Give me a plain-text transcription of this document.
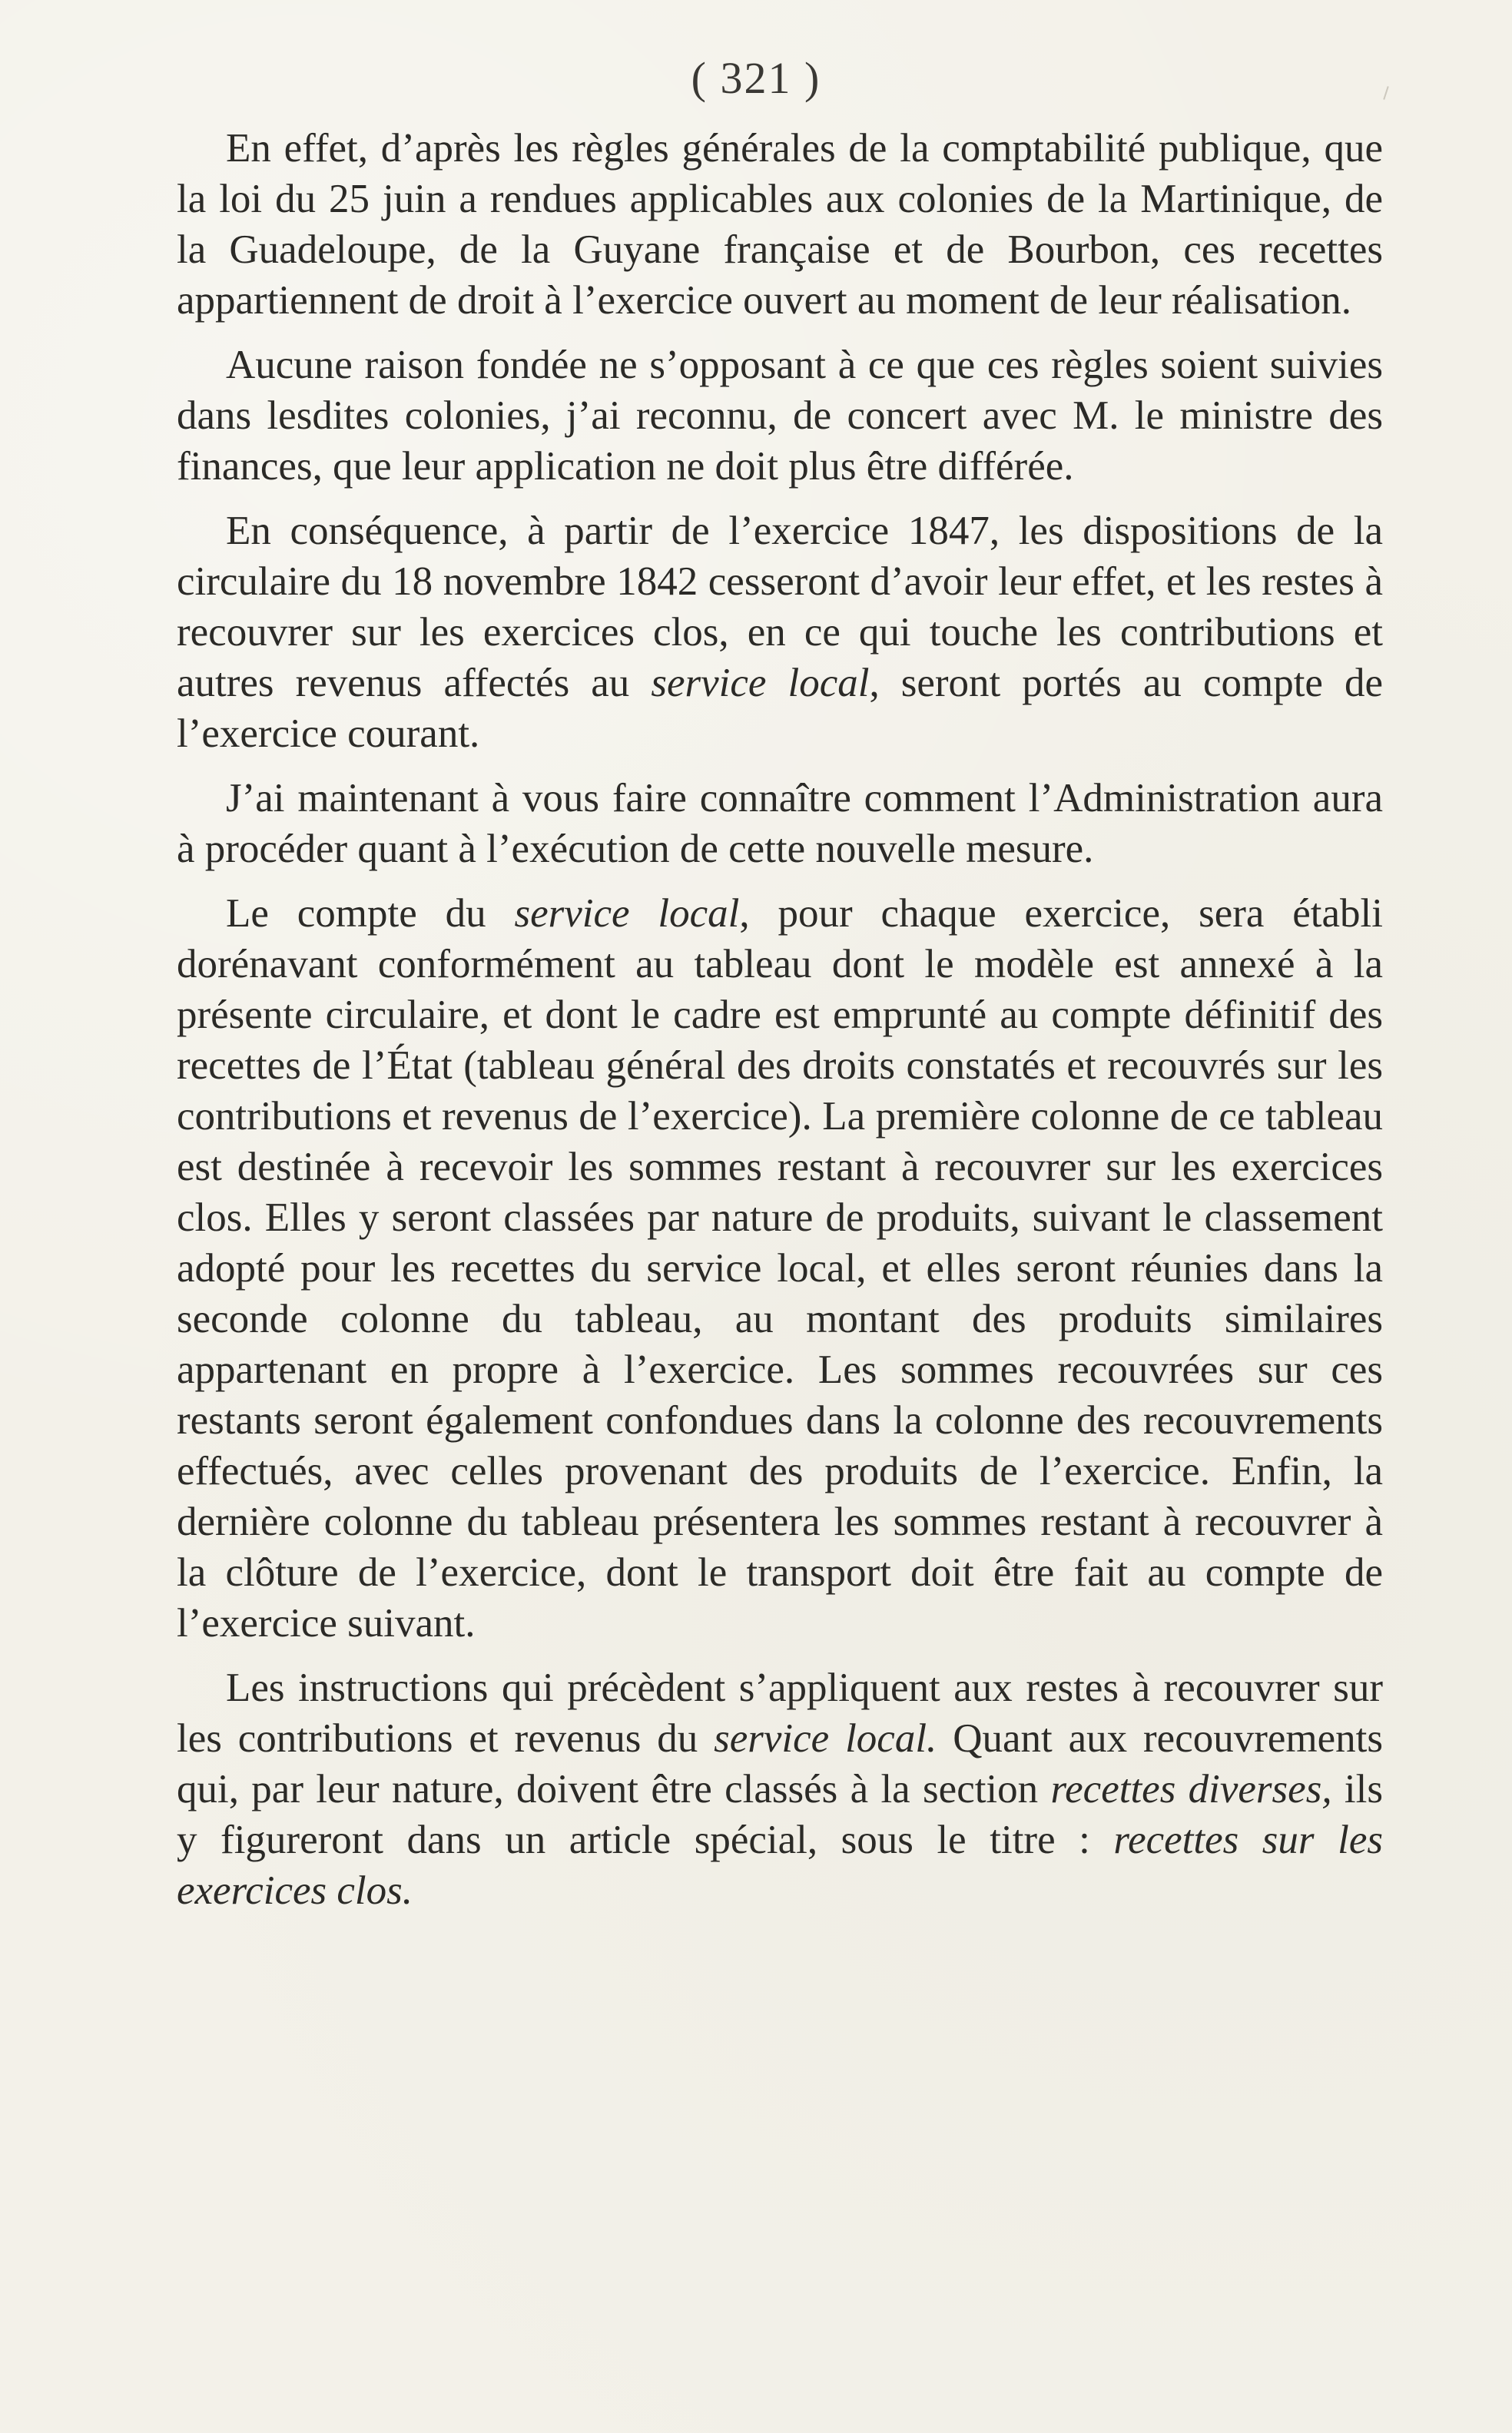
( 321 )

En effet, d’après les règles générales de la comptabilité publique, que la loi du 25 juin a rendues applicables aux colonies de la Martinique, de la Guadeloupe, de la Guyane française et de Bourbon, ces recettes appartiennent de droit à l’exercice ouvert au moment de leur réalisation.

Aucune raison fondée ne s’opposant à ce que ces règles soient suivies dans lesdites colonies, j’ai reconnu, de concert avec M. le ministre des finances, que leur application ne doit plus être différée.

En conséquence, à partir de l’exercice 1847, les dispositions de la circulaire du 18 novembre 1842 cesseront d’avoir leur effet, et les restes à recouvrer sur les exercices clos, en ce qui touche les contributions et autres revenus affectés au service local, seront portés au compte de l’exercice courant.

J’ai maintenant à vous faire connaître comment l’Administration aura à procéder quant à l’exécution de cette nouvelle mesure.

Le compte du service local, pour chaque exercice, sera établi dorénavant conformément au tableau dont le modèle est annexé à la présente circulaire, et dont le cadre est emprunté au compte définitif des recettes de l’État (tableau général des droits constatés et recouvrés sur les contributions et revenus de l’exercice). La première colonne de ce tableau est destinée à recevoir les sommes restant à recouvrer sur les exercices clos. Elles y seront classées par nature de produits, suivant le classement adopté pour les recettes du service local, et elles seront réunies dans la seconde colonne du tableau, au montant des produits similaires appartenant en propre à l’exercice. Les sommes recouvrées sur ces restants seront également confondues dans la colonne des recouvrements effectués, avec celles provenant des produits de l’exercice. Enfin, la dernière colonne du tableau présentera les sommes restant à recouvrer à la clôture de l’exercice, dont le transport doit être fait au compte de l’exercice suivant.

Les instructions qui précèdent s’appliquent aux restes à recouvrer sur les contributions et revenus du service local. Quant aux recouvrements qui, par leur nature, doivent être classés à la section recettes diverses, ils y figureront dans un article spécial, sous le titre : recettes sur les exercices clos.
